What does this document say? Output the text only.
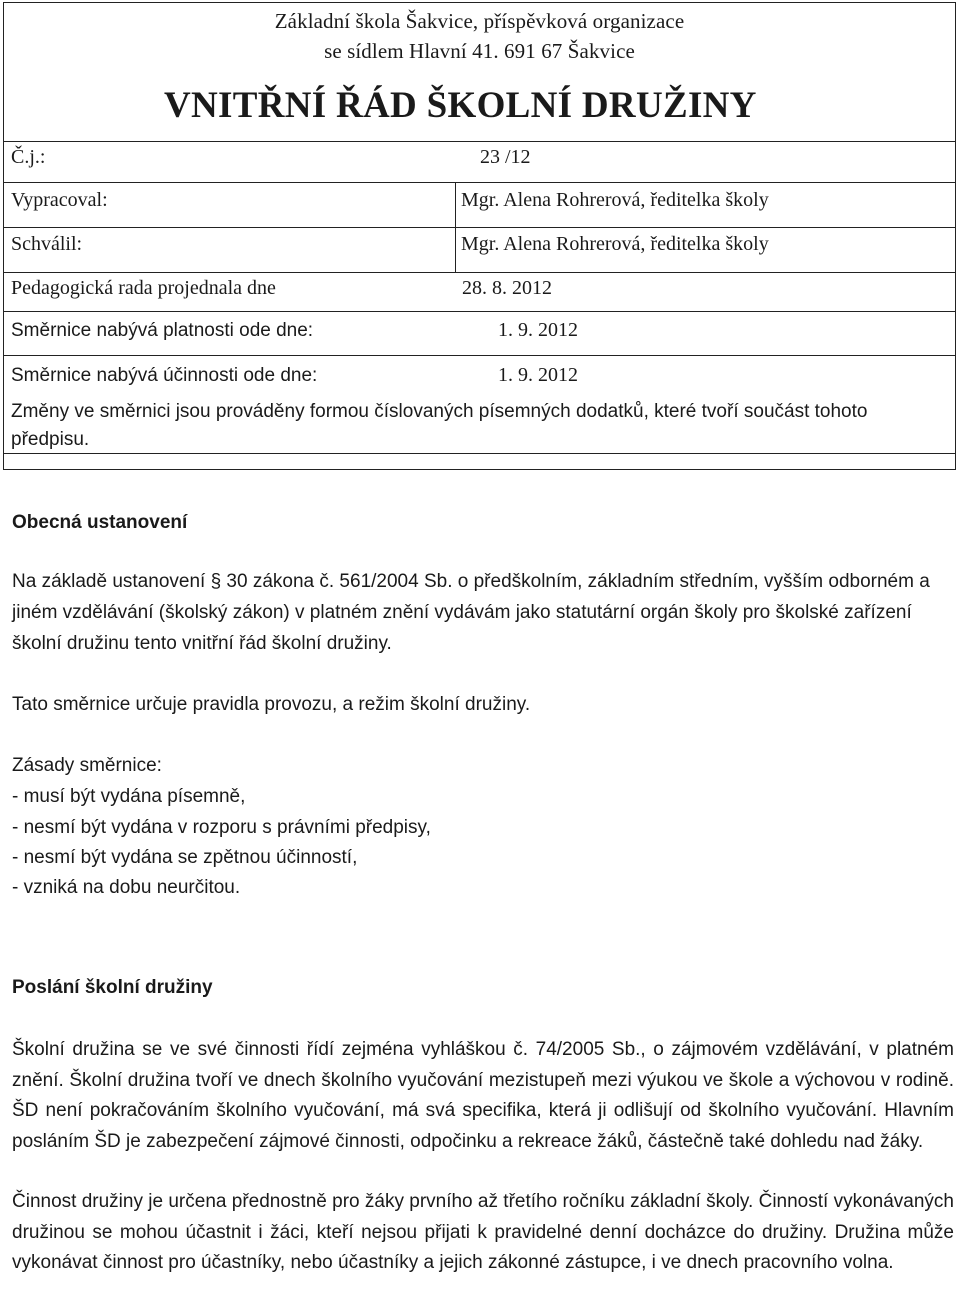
Základní škola Šakvice, příspěvková organizace
se sídlem Hlavní 41. 691 67 Šakvice
VNITŘNÍ ŘÁD ŠKOLNÍ DRUŽINY
Č.j.:	23 /12
Vypracoval:	Mgr. Alena Rohrerová, ředitelka školy
Schválil:	Mgr. Alena Rohrerová, ředitelka školy
Pedagogická rada projednala dne	28. 8. 2012
Směrnice nabývá platnosti ode dne:	1. 9. 2012
Směrnice nabývá účinnosti ode dne:	1. 9. 2012
Změny ve směrnici jsou prováděny formou číslovaných písemných dodatků, které tvoří součást tohoto předpisu.
Obecná ustanovení
Na základě ustanovení § 30 zákona č. 561/2004 Sb. o předškolním, základním středním, vyšším odborném a jiném vzdělávání (školský zákon) v platném znění vydávám jako statutární orgán školy pro školské zařízení školní družinu tento vnitřní řád školní družiny.
Tato směrnice určuje pravidla provozu, a režim školní družiny.
Zásady směrnice:
- musí být vydána písemně,
- nesmí být vydána v rozporu s právními předpisy,
- nesmí být vydána se zpětnou účinností,
- vzniká na dobu neurčitou.
Poslání školní družiny
Školní družina se ve své činnosti řídí zejména vyhláškou č. 74/2005 Sb., o zájmovém vzdělávání, v platném znění. Školní družina tvoří ve dnech školního vyučování mezistupeň mezi výukou ve škole a výchovou v rodině. ŠD není pokračováním školního vyučování, má svá specifika, která ji odlišují od školního vyučování. Hlavním posláním ŠD je zabezpečení zájmové činnosti, odpočinku a rekreace žáků, částečně také dohledu nad žáky.
Činnost družiny je určena přednostně pro žáky prvního až třetího ročníku základní školy. Činností vykonávaných družinou se mohou účastnit i žáci, kteří nejsou přijati k pravidelné denní docházce do družiny. Družina může vykonávat činnost pro účastníky, nebo účastníky a jejich zákonné zástupce, i ve dnech pracovního volna.
